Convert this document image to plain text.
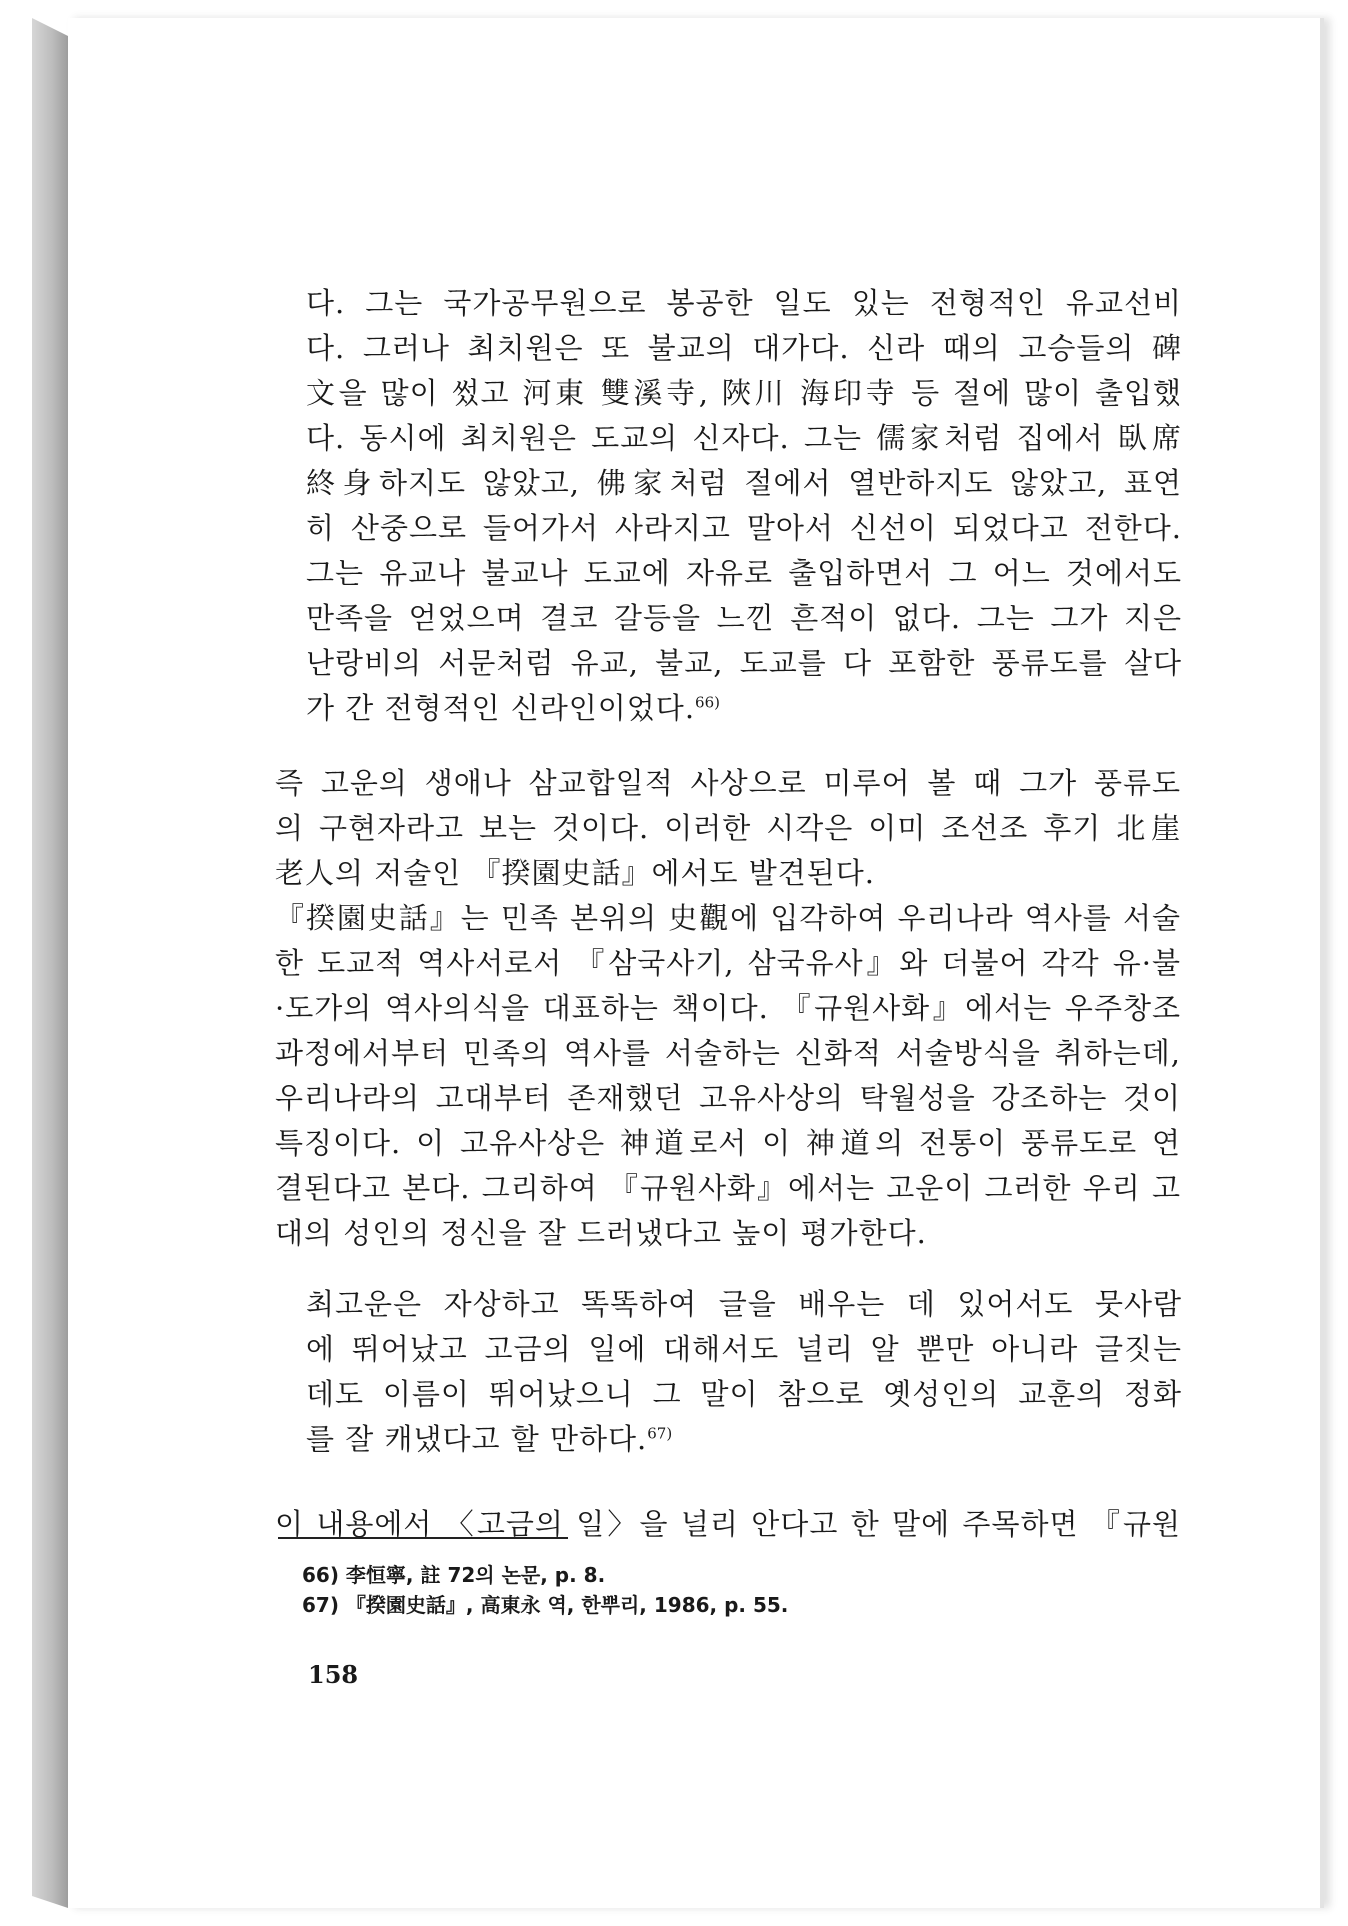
다. 그는 국가공무원으로 봉공한 일도 있는 전형적인 유교선비
다. 그러나 최치원은 또 불교의 대가다. 신라 때의 고승들의 碑
文을 많이 썼고 河東 雙溪寺, 陜川 海印寺 등 절에 많이 출입했
다. 동시에 최치원은 도교의 신자다. 그는 儒家처럼 집에서 臥席
終身하지도 않았고, 佛家처럼 절에서 열반하지도 않았고, 표연
히 산중으로 들어가서 사라지고 말아서 신선이 되었다고 전한다.
그는 유교나 불교나 도교에 자유로 출입하면서 그 어느 것에서도
만족을 얻었으며 결코 갈등을 느낀 흔적이 없다. 그는 그가 지은
난랑비의 서문처럼 유교, 불교, 도교를 다 포함한 풍류도를 살다
가 간 전형적인 신라인이었다.$^{66)}$
즉 고운의 생애나 삼교합일적 사상으로 미루어 볼 때 그가 풍류도
의 구현자라고 보는 것이다. 이러한 시각은 이미 조선조 후기 北崖
老人의 저술인 『揆園史話』에서도 발견된다.
『揆園史話』는 민족 본위의 史觀에 입각하여 우리나라 역사를 서술
한 도교적 역사서로서 『삼국사기, 삼국유사』와 더불어 각각 유·불
·도가의 역사의식을 대표하는 책이다. 『규원사화』에서는 우주창조
과정에서부터 민족의 역사를 서술하는 신화적 서술방식을 취하는데,
우리나라의 고대부터 존재했던 고유사상의 탁월성을 강조하는 것이
특징이다. 이 고유사상은 神道로서 이 神道의 전통이 풍류도로 연
결된다고 본다. 그리하여 『규원사화』에서는 고운이 그러한 우리 고
대의 성인의 정신을 잘 드러냈다고 높이 평가한다.
최고운은 자상하고 똑똑하여 글을 배우는 데 있어서도 뭇사람
에 뛰어났고 고금의 일에 대해서도 널리 알 뿐만 아니라 글짓는
데도 이름이 뛰어났으니 그 말이 참으로 옛성인의 교훈의 정화
를 잘 캐냈다고 할 만하다.$^{67)}$
이 내용에서 〈고금의 일〉을 널리 안다고 한 말에 주목하면 『규원
66) 李恒寧, 註 72의 논문, p. 8.
67) 『揆園史話』, 高東永 역, 한뿌리, 1986, p. 55.
158
